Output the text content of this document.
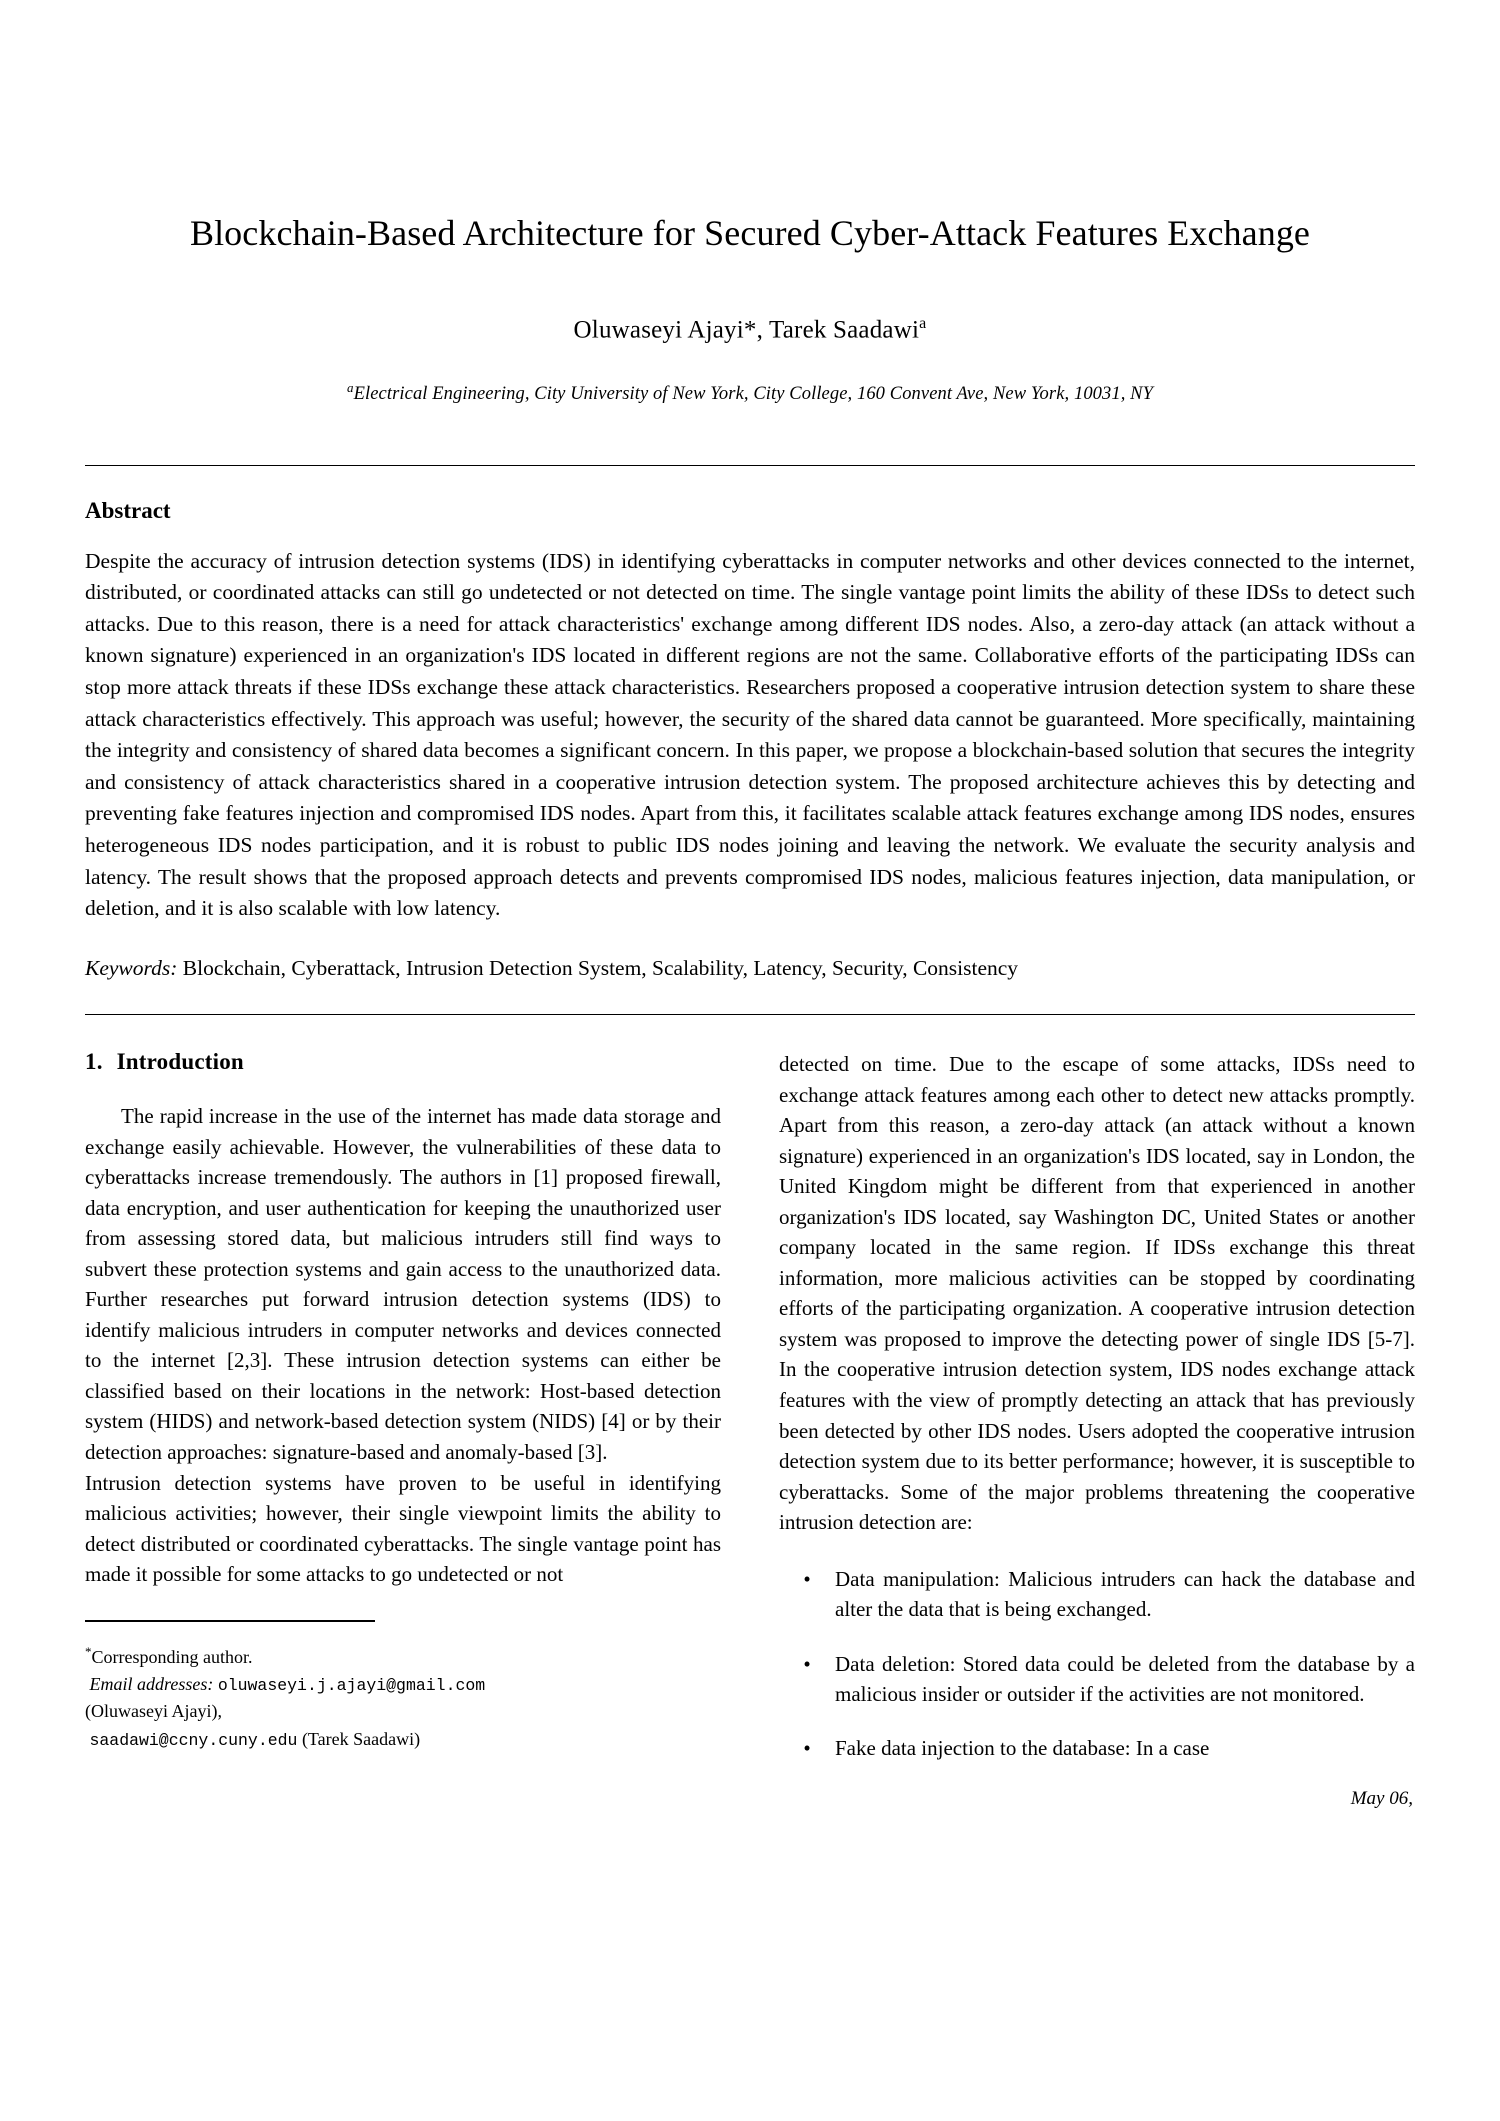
Blockchain-Based Architecture for Secured Cyber-Attack Features Exchange
Oluwaseyi Ajayi*, Tarek Saadawi$^a$
$^a$Electrical Engineering, City University of New York, City College, 160 Convent Ave, New York, 10031, NY
Abstract

Despite the accuracy of intrusion detection systems (IDS) in identifying cyberattacks in computer networks and other devices connected to the internet, distributed, or coordinated attacks can still go undetected or not detected on time. The single vantage point limits the ability of these IDSs to detect such attacks. Due to this reason, there is a need for attack characteristics' exchange among different IDS nodes. Also, a zero-day attack (an attack without a known signature) experienced in an organization's IDS located in different regions are not the same. Collaborative efforts of the participating IDSs can stop more attack threats if these IDSs exchange these attack characteristics. Researchers proposed a cooperative intrusion detection system to share these attack characteristics effectively. This approach was useful; however, the security of the shared data cannot be guaranteed. More specifically, maintaining the integrity and consistency of shared data becomes a significant concern. In this paper, we propose a blockchain-based solution that secures the integrity and consistency of attack characteristics shared in a cooperative intrusion detection system. The proposed architecture achieves this by detecting and preventing fake features injection and compromised IDS nodes. Apart from this, it facilitates scalable attack features exchange among IDS nodes, ensures heterogeneous IDS nodes participation, and it is robust to public IDS nodes joining and leaving the network. We evaluate the security analysis and latency. The result shows that the proposed approach detects and prevents compromised IDS nodes, malicious features injection, data manipulation, or deletion, and it is also scalable with low latency.

Keywords: Blockchain, Cyberattack, Intrusion Detection System, Scalability, Latency, Security, Consistency
1. Introduction

The rapid increase in the use of the internet has made data storage and exchange easily achievable. However, the vulnerabilities of these data to cyberattacks increase tremendously. The authors in [1] proposed firewall, data encryption, and user authentication for keeping the unauthorized user from assessing stored data, but malicious intruders still find ways to subvert these protection systems and gain access to the unauthorized data. Further researches put forward intrusion detection systems (IDS) to identify malicious intruders in computer networks and devices connected to the internet [2,3]. These intrusion detection systems can either be classified based on their locations in the network: Host-based detection system (HIDS) and network-based detection system (NIDS) [4] or by their detection approaches: signature-based and anomaly-based [3].

Intrusion detection systems have proven to be useful in identifying malicious activities; however, their single viewpoint limits the ability to detect distributed or coordinated cyberattacks. The single vantage point has made it possible for some attacks to go undetected or not

*Corresponding author.

Email addresses: oluwaseyi.j.ajayi@gmail.com

(Oluwaseyi Ajayi),

saadawi@ccny.cuny.edu (Tarek Saadawi)

detected on time. Due to the escape of some attacks, IDSs need to exchange attack features among each other to detect new attacks promptly. Apart from this reason, a zero-day attack (an attack without a known signature) experienced in an organization's IDS located, say in London, the United Kingdom might be different from that experienced in another organization's IDS located, say Washington DC, United States or another company located in the same region. If IDSs exchange this threat information, more malicious activities can be stopped by coordinating efforts of the participating organization. A cooperative intrusion detection system was proposed to improve the detecting power of single IDS [5-7]. In the cooperative intrusion detection system, IDS nodes exchange attack features with the view of promptly detecting an attack that has previously been detected by other IDS nodes. Users adopted the cooperative intrusion detection system due to its better performance; however, it is susceptible to cyberattacks. Some of the major problems threatening the cooperative intrusion detection are:

•	Data manipulation: Malicious intruders can hack the database and alter the data that is being exchanged.
•	Data deletion: Stored data could be deleted from the database by a malicious insider or outsider if the activities are not monitored.
•	Fake data injection to the database: In a case
May 06,
